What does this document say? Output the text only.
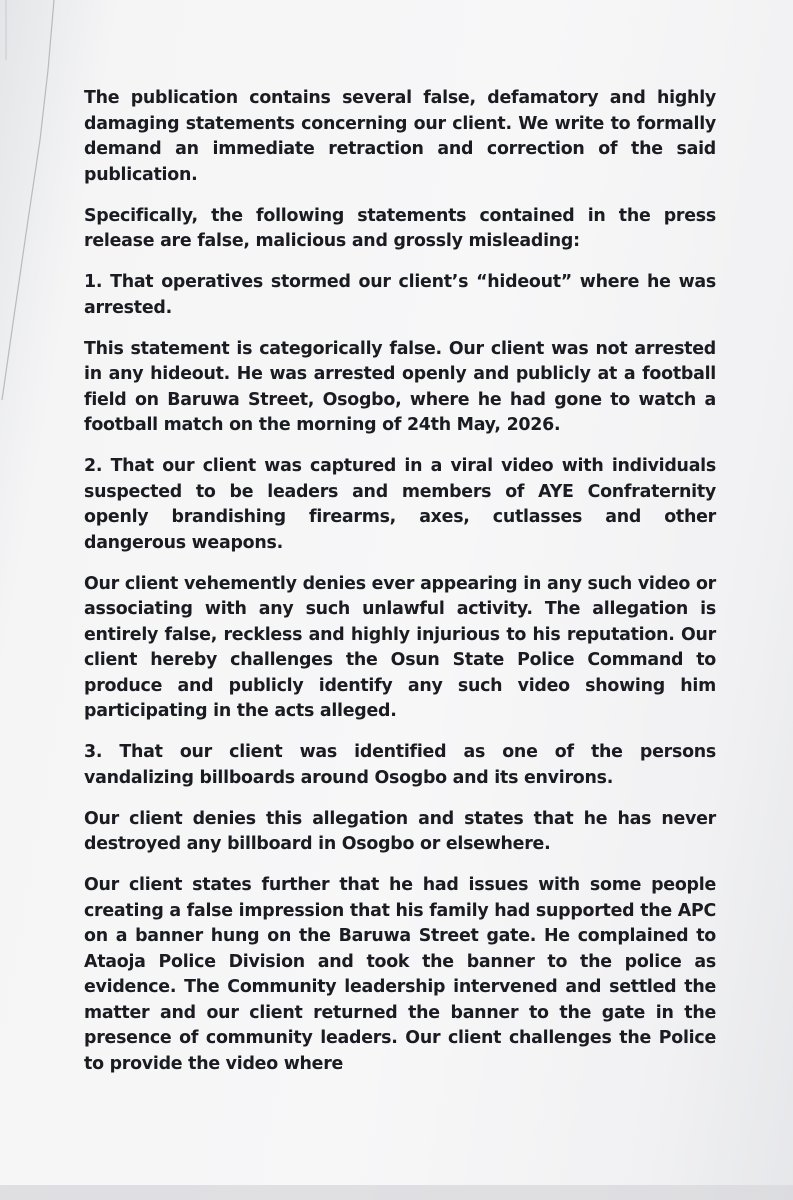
The publication contains several false, defamatory and highly damaging statements concerning our client. We write to formally demand an immediate retraction and correction of the said publication.

Specifically, the following statements contained in the press release are false, malicious and grossly misleading:

1. That operatives stormed our client’s “hideout” where he was arrested.

This statement is categorically false. Our client was not arrested in any hideout. He was arrested openly and publicly at a football field on Baruwa Street, Osogbo, where he had gone to watch a football match on the morning of 24th May, 2026.

2. That our client was captured in a viral video with individuals suspected to be leaders and members of AYE Confraternity openly brandishing firearms, axes, cutlasses and other dangerous weapons.

Our client vehemently denies ever appearing in any such video or associating with any such unlawful activity. The allegation is entirely false, reckless and highly injurious to his reputation. Our client hereby challenges the Osun State Police Command to produce and publicly identify any such video showing him participating in the acts alleged.

3. That our client was identified as one of the persons vandalizing billboards around Osogbo and its environs.

Our client denies this allegation and states that he has never destroyed any billboard in Osogbo or elsewhere.

Our client states further that he had issues with some people creating a false impression that his family had supported the APC on a banner hung on the Baruwa Street gate. He complained to Ataoja Police Division and took the banner to the police as evidence. The Community leadership intervened and settled the matter and our client returned the banner to the gate in the presence of community leaders. Our client challenges the Police to provide the video where
